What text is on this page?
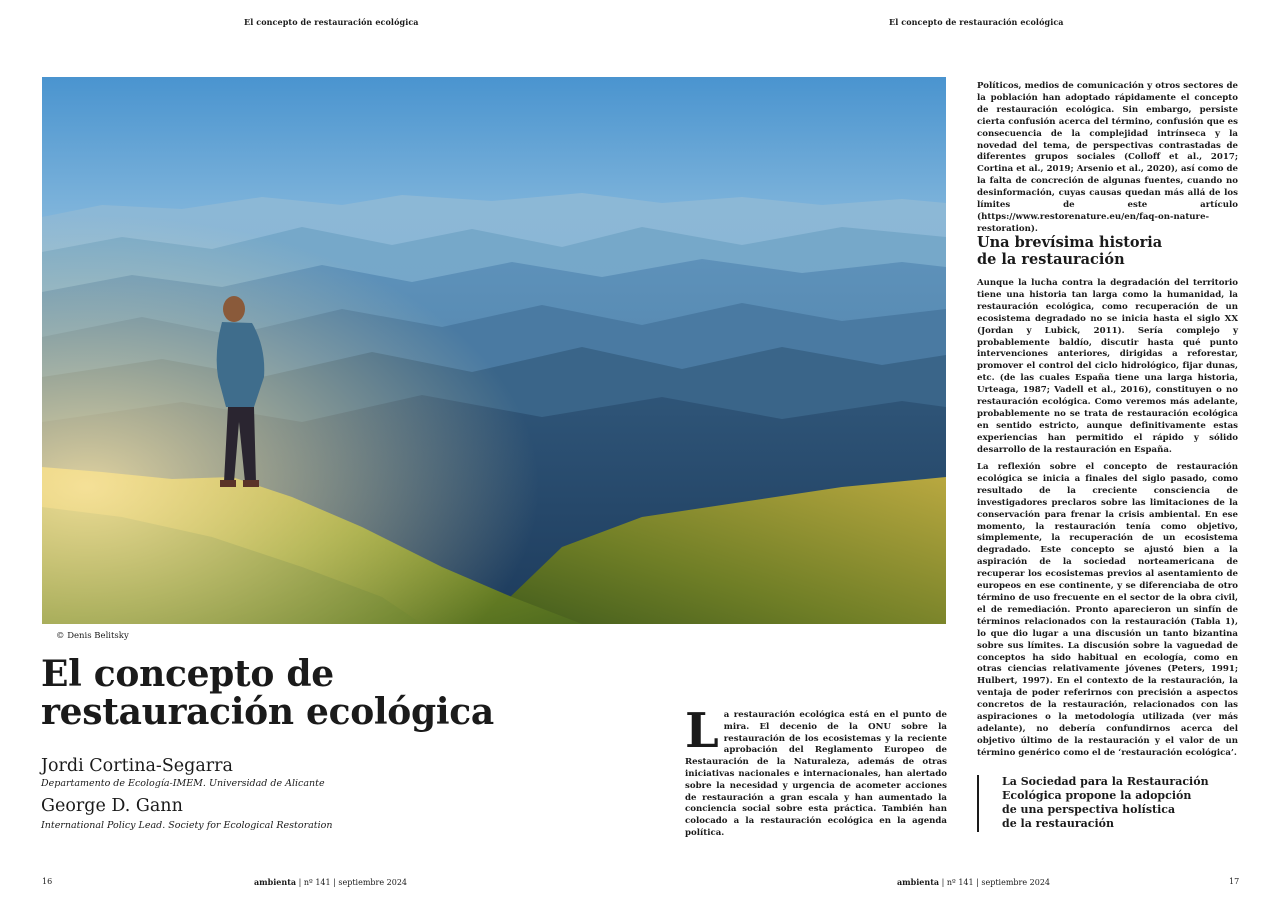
El concepto de restauración ecológica	El concepto de restauración ecológica
© Denis Belitsky
El concepto de
restauración ecológica
Jordi Cortina-Segarra
Departamento de Ecología-IMEM. Universidad de Alicante
George D. Gann
International Policy Lead. Society for Ecological Restoration
La restauración ecológica está en el punto de mira. El decenio de la ONU sobre la restauración de los ecosistemas y la reciente aprobación del Reglamento Europeo de Restauración de la Naturaleza, además de otras iniciativas nacionales e internacionales, han alertado sobre la necesidad y urgencia de acometer acciones de restauración a gran escala y han aumentado la conciencia social sobre esta práctica. También han colocado a la restauración ecológica en la agenda política.

Políticos, medios de comunicación y otros sectores de la población han adoptado rápidamente el concepto de restauración ecológica. Sin embargo, persiste cierta confusión acerca del término, confusión que es consecuencia de la complejidad intrínseca y la novedad del tema, de perspectivas contrastadas de diferentes grupos sociales (Colloff et al., 2017; Cortina et al., 2019; Arsenio et al., 2020), así como de la falta de concreción de algunas fuentes, cuando no desinformación, cuyas causas quedan más allá de los límites de este artículo (https://www.restorenature.eu/en/faq-on-nature-restoration).

Una brevísima historia
de la restauración

Aunque la lucha contra la degradación del territorio tiene una historia tan larga como la humanidad, la restauración ecológica, como recuperación de un ecosistema degradado no se inicia hasta el siglo XX (Jordan y Lubick, 2011). Sería complejo y probablemente baldío, discutir hasta qué punto intervenciones anteriores, dirigidas a reforestar, promover el control del ciclo hidrológico, fijar dunas, etc. (de las cuales España tiene una larga historia, Urteaga, 1987; Vadell et al., 2016), constituyen o no restauración ecológica. Como veremos más adelante, probablemente no se trata de restauración ecológica en sentido estricto, aunque definitivamente estas experiencias han permitido el rápido y sólido desarrollo de la restauración en España.

La reflexión sobre el concepto de restauración ecológica se inicia a finales del siglo pasado, como resultado de la creciente consciencia de investigadores preclaros sobre las limitaciones de la conservación para frenar la crisis ambiental. En ese momento, la restauración tenía como objetivo, simplemente, la recuperación de un ecosistema degradado. Este concepto se ajustó bien a la aspiración de la sociedad norteamericana de recuperar los ecosistemas previos al asentamiento de europeos en ese continente, y se diferenciaba de otro término de uso frecuente en el sector de la obra civil, el de remediación. Pronto aparecieron un sinfín de términos relacionados con la restauración (Tabla 1), lo que dio lugar a una discusión un tanto bizantina sobre sus límites. La discusión sobre la vaguedad de conceptos ha sido habitual en ecología, como en otras ciencias relativamente jóvenes (Peters, 1991; Hulbert, 1997). En el contexto de la restauración, la ventaja de poder referirnos con precisión a aspectos concretos de la restauración, relacionados con las aspiraciones o la metodología utilizada (ver más adelante), no debería confundirnos acerca del objetivo último de la restauración y el valor de un término genérico como el de ‘restauración ecológica’.

La Sociedad para la Restauración
Ecológica propone la adopción
de una perspectiva holística
de la restauración
16	ambienta | nº 141 | septiembre 2024	ambienta | nº 141 | septiembre 2024	17
